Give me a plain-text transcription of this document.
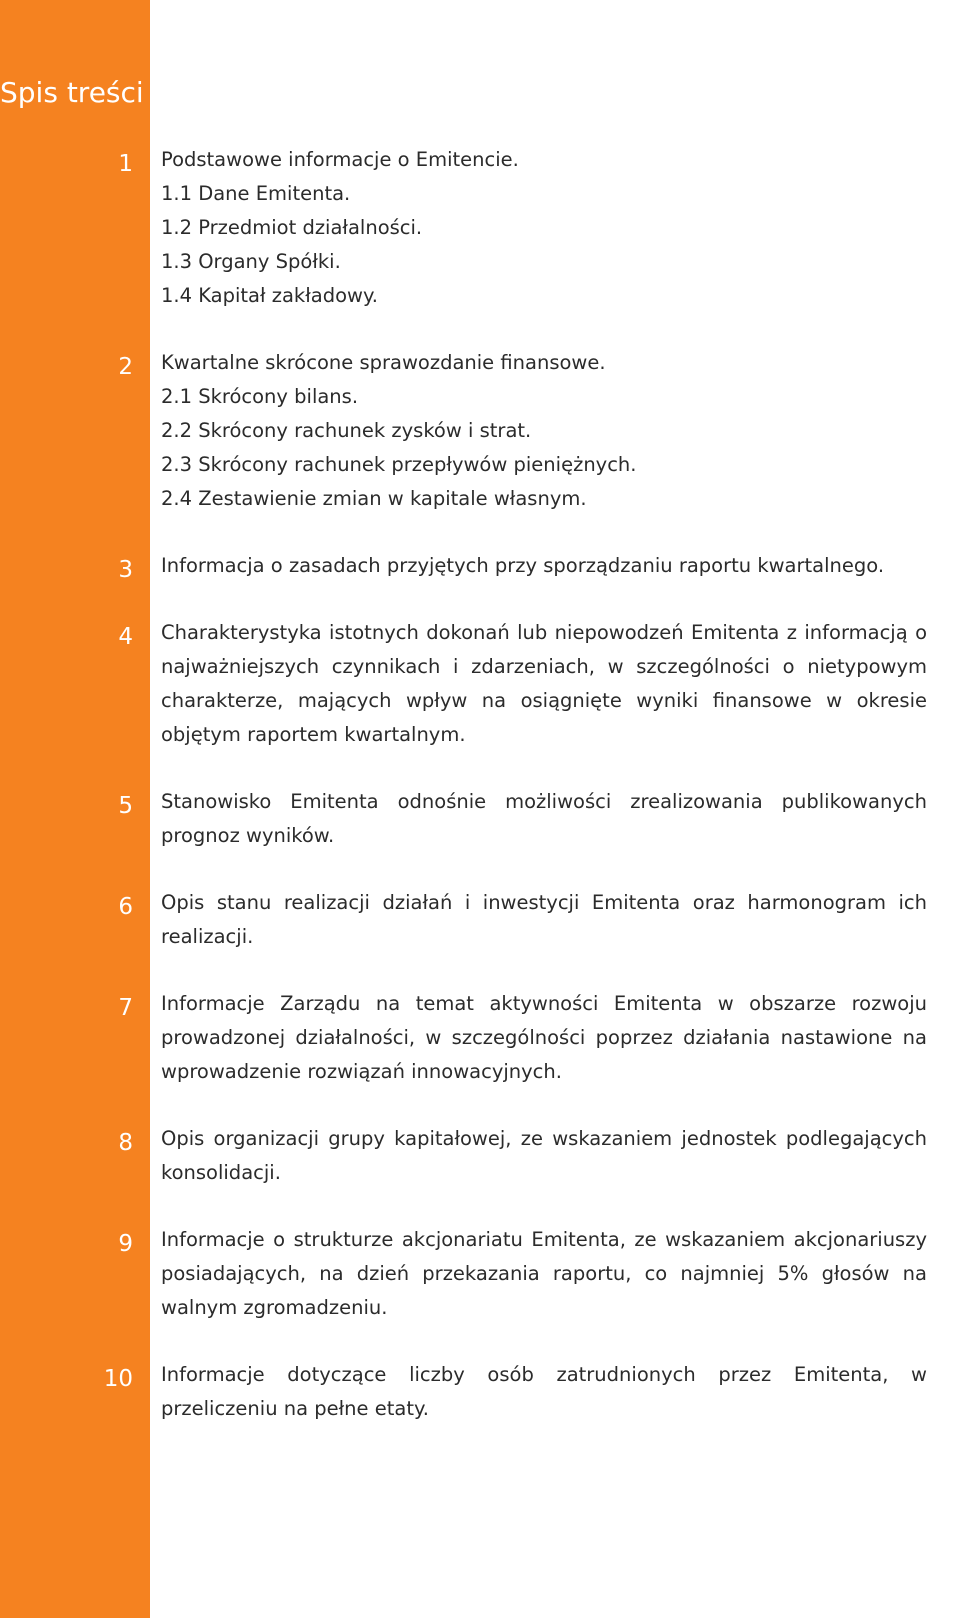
Spis treści
1 Podstawowe informacje o Emitencie.
1.1 Dane Emitenta.
1.2 Przedmiot działalności.
1.3 Organy Spółki.
1.4 Kapitał zakładowy.
2 Kwartalne skrócone sprawozdanie finansowe.
2.1 Skrócony bilans.
2.2 Skrócony rachunek zysków i strat.
2.3 Skrócony rachunek przepływów pieniężnych.
2.4 Zestawienie zmian w kapitale własnym.
3 Informacja o zasadach przyjętych przy sporządzaniu raportu kwartalnego.
4 Charakterystyka istotnych dokonań lub niepowodzeń Emitenta z informacją o najważniejszych czynnikach i zdarzeniach, w szczególności o nietypowym charakterze, mających wpływ na osiągnięte wyniki finansowe w okresie objętym raportem kwartalnym.
5 Stanowisko Emitenta odnośnie możliwości zrealizowania publikowanych prognoz wyników.
6 Opis stanu realizacji działań i inwestycji Emitenta oraz harmonogram ich realizacji.
7 Informacje Zarządu na temat aktywności Emitenta w obszarze rozwoju prowadzonej działalności, w szczególności poprzez działania nastawione na wprowadzenie rozwiązań innowacyjnych.
8 Opis organizacji grupy kapitałowej, ze wskazaniem jednostek podlegających konsolidacji.
9 Informacje o strukturze akcjonariatu Emitenta, ze wskazaniem akcjonariuszy posiadających, na dzień przekazania raportu, co najmniej 5% głosów na walnym zgromadzeniu.
10 Informacje dotyczące liczby osób zatrudnionych przez Emitenta, w przeliczeniu na pełne etaty.
